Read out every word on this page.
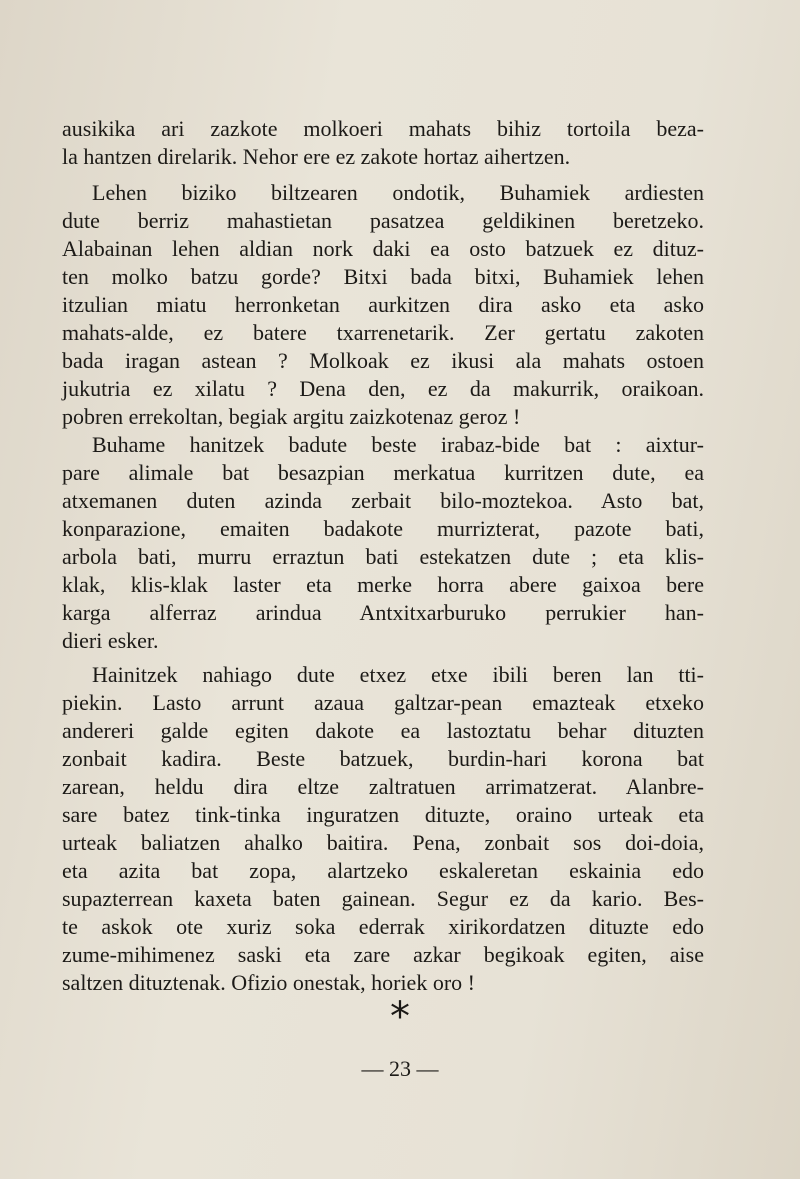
ausikika ari zazkote molkoeri mahats bihiz tortoila beza-
la hantzen direlarik. Nehor ere ez zakote hortaz aihertzen.
Lehen biziko biltzearen ondotik, Buhamiek ardiesten
dute berriz mahastietan pasatzea geldikinen beretzeko.
Alabainan lehen aldian nork daki ea osto batzuek ez dituz-
ten molko batzu gorde? Bitxi bada bitxi, Buhamiek lehen
itzulian miatu herronketan aurkitzen dira asko eta asko
mahats-alde, ez batere txarrenetarik. Zer gertatu zakoten
bada iragan astean ? Molkoak ez ikusi ala mahats ostoen
jukutria ez xilatu ? Dena den, ez da makurrik, oraikoan.
pobren errekoltan, begiak argitu zaizkotenaz geroz !
Buhame hanitzek badute beste irabaz-bide bat : aixtur-
pare alimale bat besazpian merkatua kurritzen dute, ea
atxemanen duten azinda zerbait bilo-moztekoa. Asto bat,
konparazione, emaiten badakote murrizterat, pazote bati,
arbola bati, murru erraztun bati estekatzen dute ; eta klis-
klak, klis-klak laster eta merke horra abere gaixoa bere
karga alferraz arindua Antxitxarburuko perrukier han-
dieri esker.
Hainitzek nahiago dute etxez etxe ibili beren lan tti-
piekin. Lasto arrunt azaua galtzar-pean emazteak etxeko
andereri galde egiten dakote ea lastoztatu behar dituzten
zonbait kadira. Beste batzuek, burdin-hari korona bat
zarean, heldu dira eltze zaltratuen arrimatzerat. Alanbre-
sare batez tink-tinka inguratzen dituzte, oraino urteak eta
urteak baliatzen ahalko baitira. Pena, zonbait sos doi-doia,
eta azita bat zopa, alartzeko eskaleretan eskainia edo
supazterrean kaxeta baten gainean. Segur ez da kario. Bes-
te askok ote xuriz soka ederrak xirikordatzen dituzte edo
zume-mihimenez saski eta zare azkar begikoak egiten, aise
saltzen dituztenak. Ofizio onestak, horiek oro !
*
— 23 —
